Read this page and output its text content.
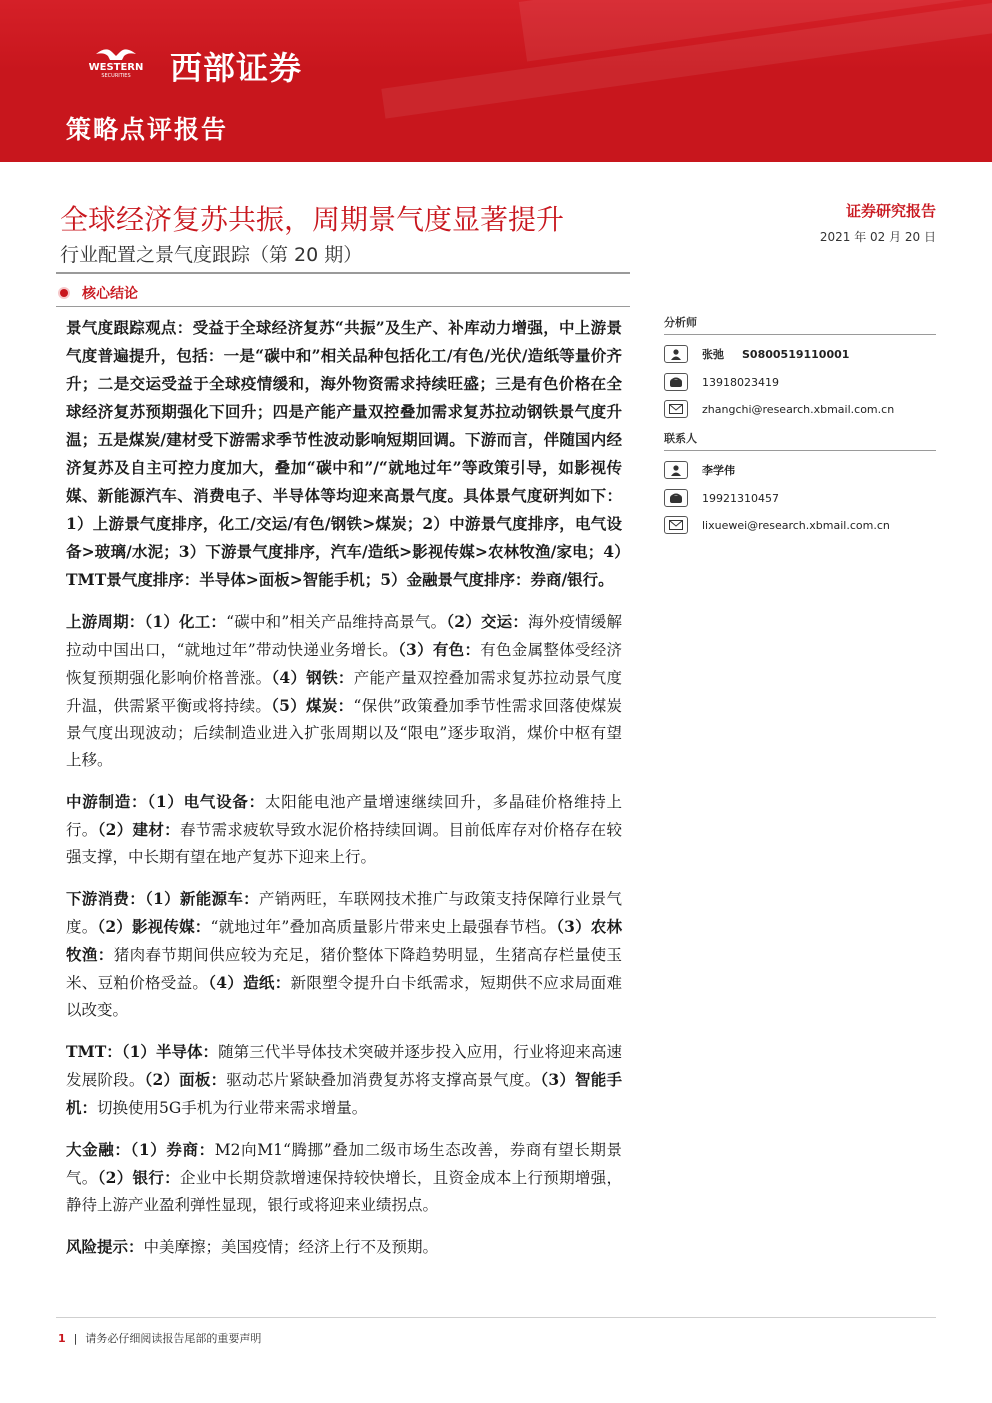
WESTERN
SECURITIES 西部证券
策略点评报告
全球经济复苏共振，周期景气度显著提升
行业配置之景气度跟踪（第 20 期）
证券研究报告
2021 年 02 月 20 日
核心结论

景气度跟踪观点：受益于全球经济复苏“共振”及生产、补库动力增强，中上游景气度普遍提升，包括：一是“碳中和”相关品种包括化工/有色/光伏/造纸等量价齐升；二是交运受益于全球疫情缓和，海外物资需求持续旺盛；三是有色价格在全球经济复苏预期强化下回升；四是产能产量双控叠加需求复苏拉动钢铁景气度升温；五是煤炭/建材受下游需求季节性波动影响短期回调。下游而言，伴随国内经济复苏及自主可控力度加大，叠加“碳中和”/“就地过年”等政策引导，如影视传媒、新能源汽车、消费电子、半导体等均迎来高景气度。具体景气度研判如下：1）上游景气度排序，化工/交运/有色/钢铁>煤炭；2）中游景气度排序，电气设备>玻璃/水泥；3）下游景气度排序，汽车/造纸>影视传媒>农林牧渔/家电；4）TMT景气度排序：半导体>面板>智能手机；5）金融景气度排序：券商/银行。

上游周期：（1）化工：“碳中和”相关产品维持高景气。（2）交运：海外疫情缓解拉动中国出口，“就地过年”带动快递业务增长。（3）有色：有色金属整体受经济恢复预期强化影响价格普涨。（4）钢铁：产能产量双控叠加需求复苏拉动景气度升温，供需紧平衡或将持续。（5）煤炭：“保供”政策叠加季节性需求回落使煤炭景气度出现波动；后续制造业进入扩张周期以及“限电”逐步取消，煤价中枢有望上移。

中游制造：（1）电气设备：太阳能电池产量增速继续回升，多晶硅价格维持上行。（2）建材：春节需求疲软导致水泥价格持续回调。目前低库存对价格存在较强支撑，中长期有望在地产复苏下迎来上行。

下游消费：（1）新能源车：产销两旺，车联网技术推广与政策支持保障行业景气度。（2）影视传媒：“就地过年”叠加高质量影片带来史上最强春节档。（3）农林牧渔：猪肉春节期间供应较为充足，猪价整体下降趋势明显，生猪高存栏量使玉米、豆粕价格受益。（4）造纸：新限塑令提升白卡纸需求，短期供不应求局面难以改变。

TMT：（1）半导体：随第三代半导体技术突破并逐步投入应用，行业将迎来高速发展阶段。（2）面板：驱动芯片紧缺叠加消费复苏将支撑高景气度。（3）智能手机：切换使用5G手机为行业带来需求增量。

大金融：（1）券商：M2向M1“腾挪”叠加二级市场生态改善，券商有望长期景气。（2）银行：企业中长期贷款增速保持较快增长，且资金成本上行预期增强，静待上游产业盈利弹性显现，银行或将迎来业绩拐点。

风险提示：中美摩擦；美国疫情；经济上行不及预期。

分析师
张弛 S0800519110001
13918023419
zhangchi@research.xbmail.com.cn
联系人
李学伟
19921310457
lixuewei@research.xbmail.com.cn
1 | 请务必仔细阅读报告尾部的重要声明
